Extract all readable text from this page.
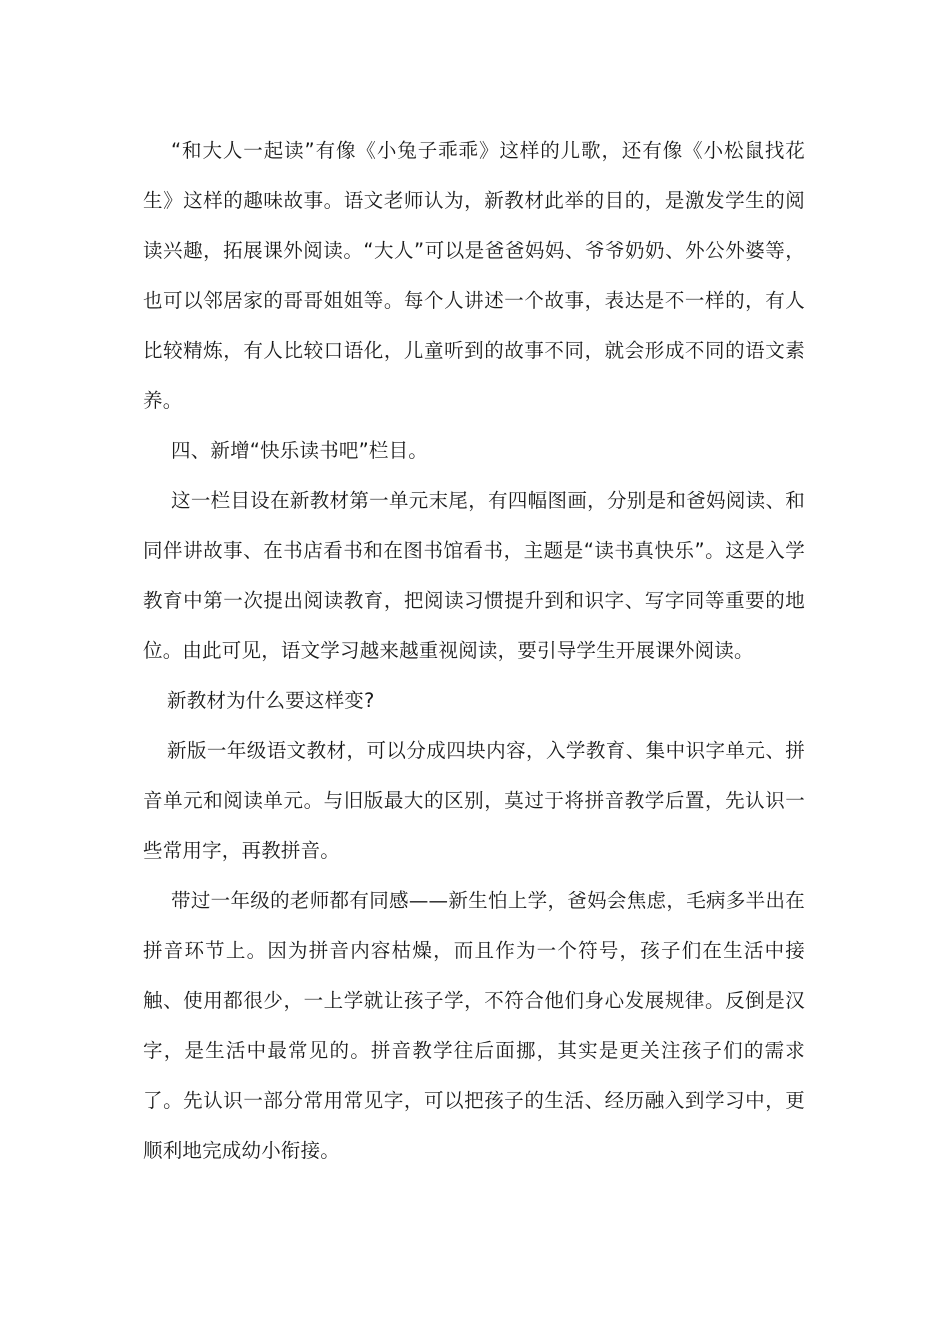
“和大人一起读”有像《小兔子乖乖》这样的儿歌，还有像《小松鼠找花生》这样的趣味故事。语文老师认为，新教材此举的目的，是激发学生的阅读兴趣，拓展课外阅读。“大人”可以是爸爸妈妈、爷爷奶奶、外公外婆等，也可以邻居家的哥哥姐姐等。每个人讲述一个故事，表达是不一样的，有人比较精炼，有人比较口语化，儿童听到的故事不同，就会形成不同的语文素养。

四、新增“快乐读书吧”栏目。

这一栏目设在新教材第一单元末尾，有四幅图画，分别是和爸妈阅读、和同伴讲故事、在书店看书和在图书馆看书，主题是“读书真快乐”。这是入学教育中第一次提出阅读教育，把阅读习惯提升到和识字、写字同等重要的地位。由此可见，语文学习越来越重视阅读，要引导学生开展课外阅读。

新教材为什么要这样变?

新版一年级语文教材，可以分成四块内容，入学教育、集中识字单元、拼音单元和阅读单元。与旧版最大的区别，莫过于将拼音教学后置，先认识一些常用字，再教拼音。

带过一年级的老师都有同感——新生怕上学，爸妈会焦虑，毛病多半出在拼音环节上。因为拼音内容枯燥，而且作为一个符号，孩子们在生活中接触、使用都很少，一上学就让孩子学，不符合他们身心发展规律。反倒是汉字，是生活中最常见的。拼音教学往后面挪，其实是更关注孩子们的需求了。先认识一部分常用常见字，可以把孩子的生活、经历融入到学习中，更顺利地完成幼小衔接。
